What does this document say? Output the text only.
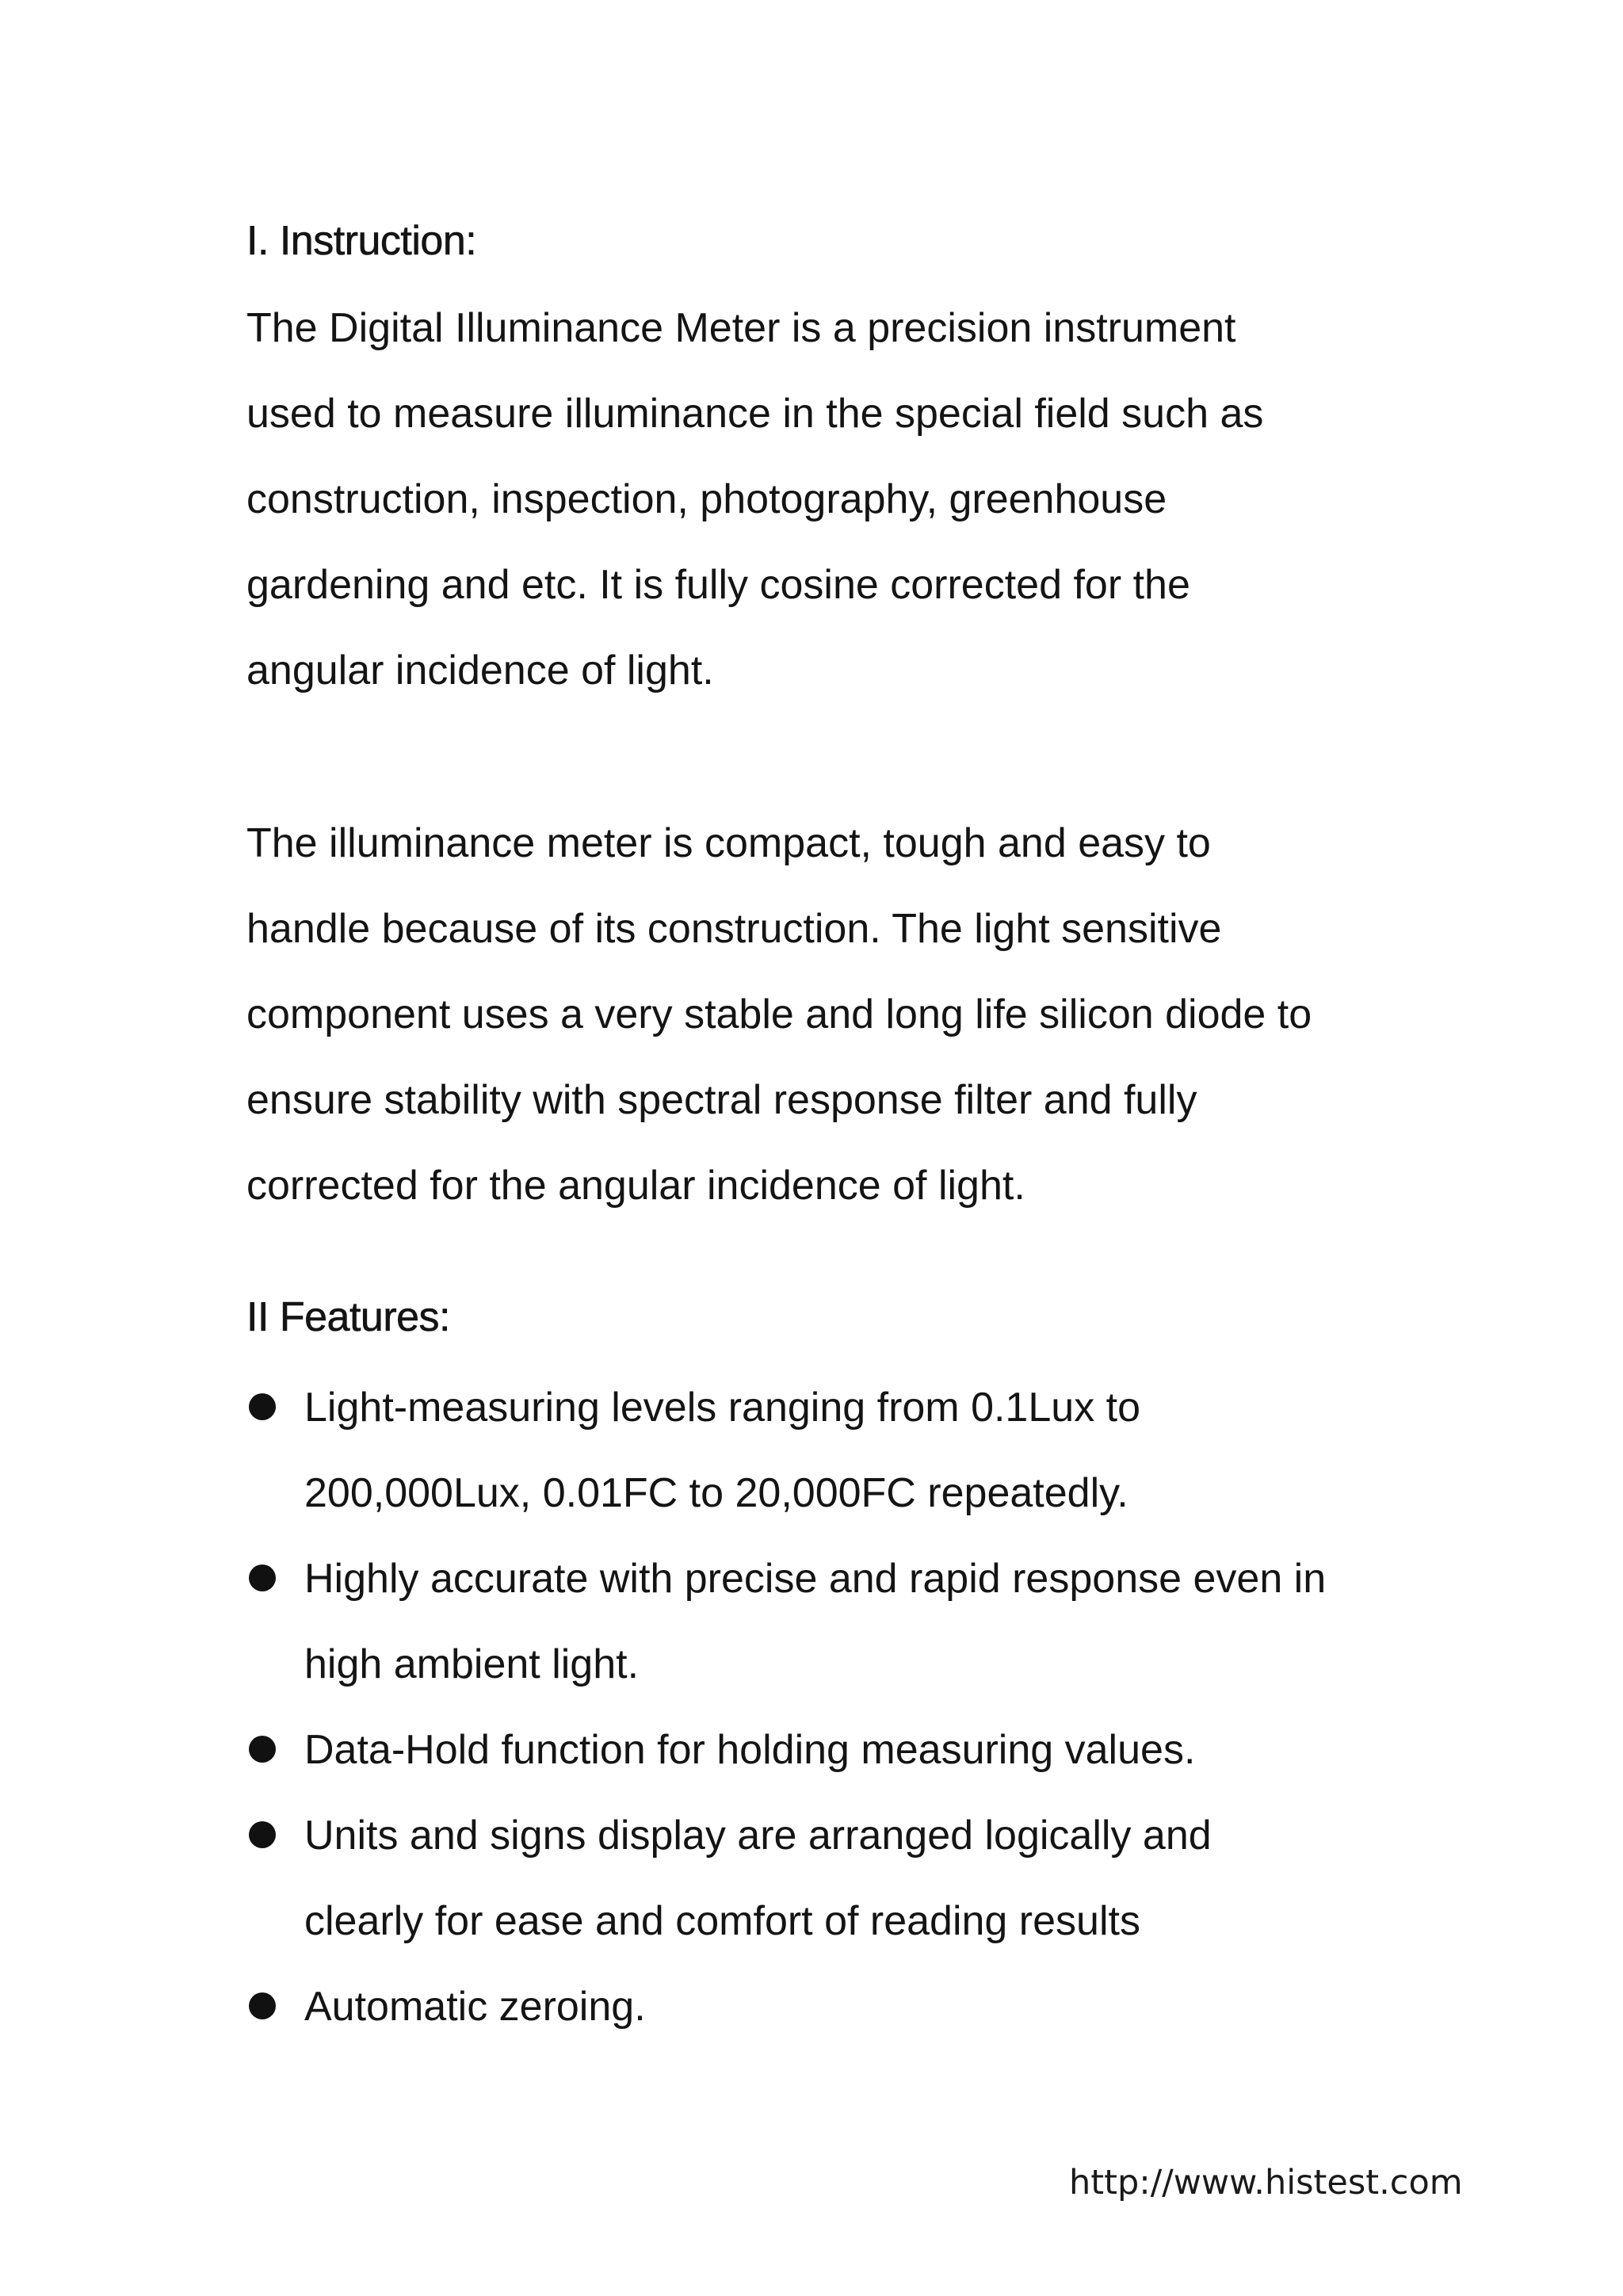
I. Instruction:

The Digital Illuminance Meter is a precision instrument
used to measure illuminance in the special field such as
construction, inspection, photography, greenhouse
gardening and etc. It is fully cosine corrected for the
angular incidence of light.

The illuminance meter is compact, tough and easy to
handle because of its construction. The light sensitive
component uses a very stable and long life silicon diode to
ensure stability with spectral response filter and fully
corrected for the angular incidence of light.

II Features:
Light-measuring levels ranging from 0.1Lux to
200,000Lux, 0.01FC to 20,000FC repeatedly.
Highly accurate with precise and rapid response even in
high ambient light.
Data-Hold function for holding measuring values.
Units and signs display are arranged logically and
clearly for ease and comfort of reading results
Automatic zeroing.

http://www.histest.com
